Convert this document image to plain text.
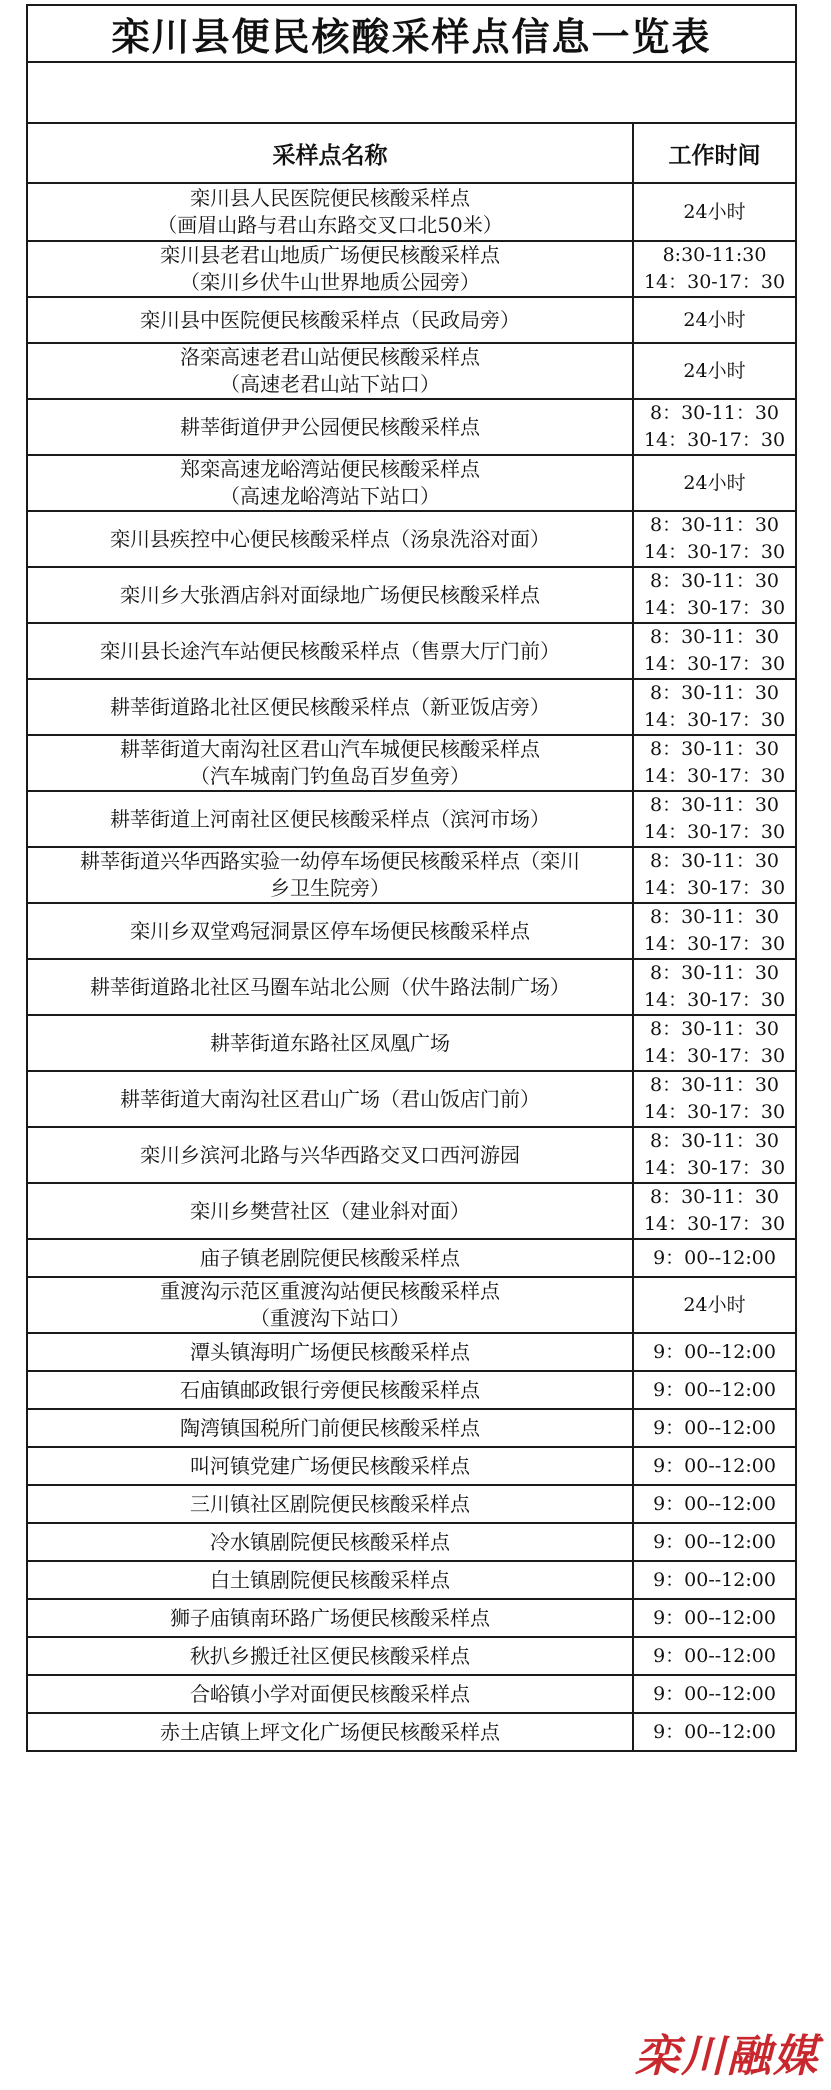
栾川县便民核酸采样点信息一览表	

采样点名称	工作时间

栾川县人民医院便民核酸采样点
（画眉山路与君山东路交叉口北50米）	24小时

栾川县老君山地质广场便民核酸采样点
（栾川乡伏牛山世界地质公园旁）	8:30-11:30
14：30-17：30

栾川县中医院便民核酸采样点（民政局旁）	24小时

洛栾高速老君山站便民核酸采样点
（高速老君山站下站口）	24小时

耕莘街道伊尹公园便民核酸采样点	8：30-11：30
14：30-17：30

郑栾高速龙峪湾站便民核酸采样点
（高速龙峪湾站下站口）	24小时

栾川县疾控中心便民核酸采样点（汤泉洗浴对面）	8：30-11：30
14：30-17：30

栾川乡大张酒店斜对面绿地广场便民核酸采样点	8：30-11：30
14：30-17：30

栾川县长途汽车站便民核酸采样点（售票大厅门前）	8：30-11：30
14：30-17：30

耕莘街道路北社区便民核酸采样点（新亚饭店旁）	8：30-11：30
14：30-17：30

耕莘街道大南沟社区君山汽车城便民核酸采样点
（汽车城南门钓鱼岛百岁鱼旁）	8：30-11：30
14：30-17：30

耕莘街道上河南社区便民核酸采样点（滨河市场）	8：30-11：30
14：30-17：30

耕莘街道兴华西路实验一幼停车场便民核酸采样点（栾川
乡卫生院旁）	8：30-11：30
14：30-17：30

栾川乡双堂鸡冠洞景区停车场便民核酸采样点	8：30-11：30
14：30-17：30

耕莘街道路北社区马圈车站北公厕（伏牛路法制广场）	8：30-11：30
14：30-17：30

耕莘街道东路社区凤凰广场	8：30-11：30
14：30-17：30

耕莘街道大南沟社区君山广场（君山饭店门前）	8：30-11：30
14：30-17：30

栾川乡滨河北路与兴华西路交叉口西河游园	8：30-11：30
14：30-17：30

栾川乡樊营社区（建业斜对面）	8：30-11：30
14：30-17：30

庙子镇老剧院便民核酸采样点	9：00--12:00

重渡沟示范区重渡沟站便民核酸采样点
（重渡沟下站口）	24小时

潭头镇海明广场便民核酸采样点	9：00--12:00

石庙镇邮政银行旁便民核酸采样点	9：00--12:00

陶湾镇国税所门前便民核酸采样点	9：00--12:00

叫河镇党建广场便民核酸采样点	9：00--12:00

三川镇社区剧院便民核酸采样点	9：00--12:00

冷水镇剧院便民核酸采样点	9：00--12:00

白土镇剧院便民核酸采样点	9：00--12:00

狮子庙镇南环路广场便民核酸采样点	9：00--12:00

秋扒乡搬迁社区便民核酸采样点	9：00--12:00

合峪镇小学对面便民核酸采样点	9：00--12:00

赤土店镇上坪文化广场便民核酸采样点	9：00--12:00
栾川融媒
